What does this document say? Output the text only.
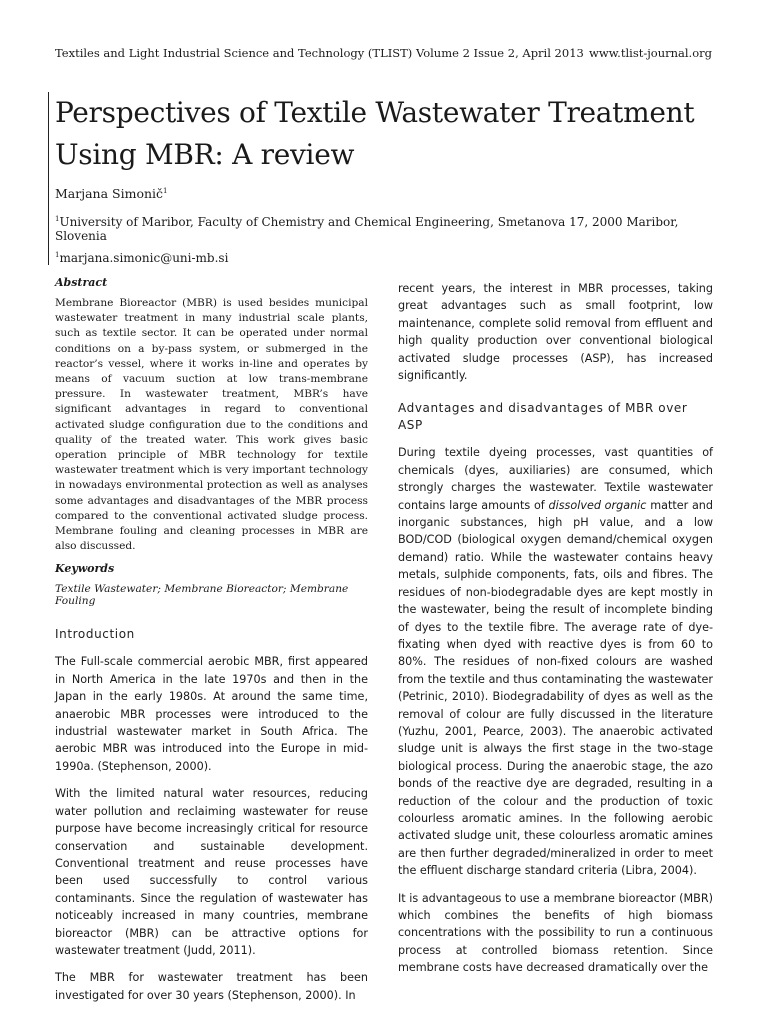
Textiles and Light Industrial Science and Technology (TLIST) Volume 2 Issue 2, April 2013 www.tlist-journal.org
Perspectives of Textile Wastewater Treatment Using MBR: A review
Marjana Simonič$^1$
$^1$University of Maribor, Faculty of Chemistry and Chemical Engineering, Smetanova 17, 2000 Maribor, Slovenia
$^1$marjana.simonic@uni-mb.si
Abstract

Membrane Bioreactor (MBR) is used besides municipal wastewater treatment in many industrial scale plants, such as textile sector. It can be operated under normal conditions on a by-pass system, or submerged in the reactor’s vessel, where it works in-line and operates by means of vacuum suction at low trans-membrane pressure. In wastewater treatment, MBR’s have significant advantages in regard to conventional activated sludge configuration due to the conditions and quality of the treated water. This work gives basic operation principle of MBR technology for textile wastewater treatment which is very important technology in nowadays environmental protection as well as analyses some advantages and disadvantages of the MBR process compared to the conventional activated sludge process. Membrane fouling and cleaning processes in MBR are also discussed.

Keywords

Textile Wastewater; Membrane Bioreactor; Membrane Fouling

Introduction

The Full-scale commercial aerobic MBR, first appeared in North America in the late 1970s and then in the Japan in the early 1980s. At around the same time, anaerobic MBR processes were introduced to the industrial wastewater market in South Africa. The aerobic MBR was introduced into the Europe in mid-1990a. (Stephenson, 2000).

With the limited natural water resources, reducing water pollution and reclaiming wastewater for reuse purpose have become increasingly critical for resource conservation and sustainable development. Conventional treatment and reuse processes have been used successfully to control various contaminants. Since the regulation of wastewater has noticeably increased in many countries, membrane bioreactor (MBR) can be attractive options for wastewater treatment (Judd, 2011).

The MBR for wastewater treatment has been investigated for over 30 years (Stephenson, 2000). In

recent years, the interest in MBR processes, taking great advantages such as small footprint, low maintenance, complete solid removal from effluent and high quality production over conventional biological activated sludge processes (ASP), has increased significantly.

Advantages and disadvantages of MBR over ASP

During textile dyeing processes, vast quantities of chemicals (dyes, auxiliaries) are consumed, which strongly charges the wastewater. Textile wastewater contains large amounts of dissolved organic matter and inorganic substances, high pH value, and a low BOD/COD (biological oxygen demand/chemical oxygen demand) ratio. While the wastewater contains heavy metals, sulphide components, fats, oils and fibres. The residues of non-biodegradable dyes are kept mostly in the wastewater, being the result of incomplete binding of dyes to the textile fibre. The average rate of dye-fixating when dyed with reactive dyes is from 60 to 80%. The residues of non-fixed colours are washed from the textile and thus contaminating the wastewater (Petrinic, 2010). Biodegradability of dyes as well as the removal of colour are fully discussed in the literature (Yuzhu, 2001, Pearce, 2003). The anaerobic activated sludge unit is always the first stage in the two-stage biological process. During the anaerobic stage, the azo bonds of the reactive dye are degraded, resulting in a reduction of the colour and the production of toxic colourless aromatic amines. In the following aerobic activated sludge unit, these colourless aromatic amines are then further degraded/mineralized in order to meet the effluent discharge standard criteria (Libra, 2004).

It is advantageous to use a membrane bioreactor (MBR) which combines the benefits of high biomass concentrations with the possibility to run a continuous process at controlled biomass retention. Since membrane costs have decreased dramatically over the
